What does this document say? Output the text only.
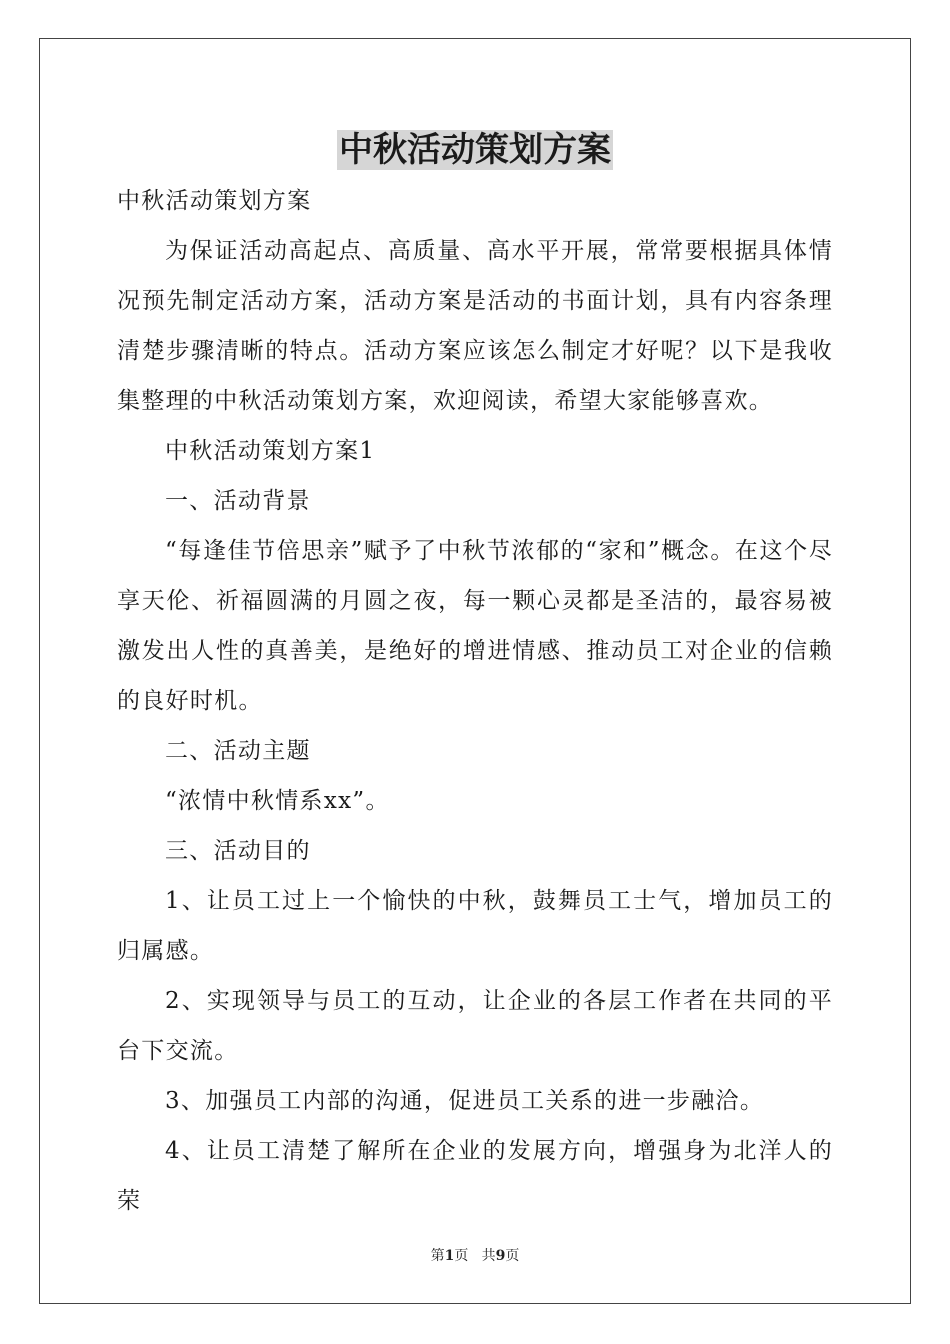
中秋活动策划方案

中秋活动策划方案

为保证活动高起点、高质量、高水平开展，常常要根据具体情况预先制定活动方案，活动方案是活动的书面计划，具有内容条理清楚步骤清晰的特点。活动方案应该怎么制定才好呢？以下是我收集整理的中秋活动策划方案，欢迎阅读，希望大家能够喜欢。

中秋活动策划方案1

一、活动背景

“每逢佳节倍思亲”赋予了中秋节浓郁的“家和”概念。在这个尽享天伦、祈福圆满的月圆之夜，每一颗心灵都是圣洁的，最容易被激发出人性的真善美，是绝好的增进情感、推动员工对企业的信赖的良好时机。

二、活动主题

“浓情中秋情系xx”。

三、活动目的

1、让员工过上一个愉快的中秋，鼓舞员工士气，增加员工的归属感。

2、实现领导与员工的互动，让企业的各层工作者在共同的平台下交流。

3、加强员工内部的沟通，促进员工关系的进一步融洽。

4、让员工清楚了解所在企业的发展方向，增强身为北洋人的荣

第1页 共9页
